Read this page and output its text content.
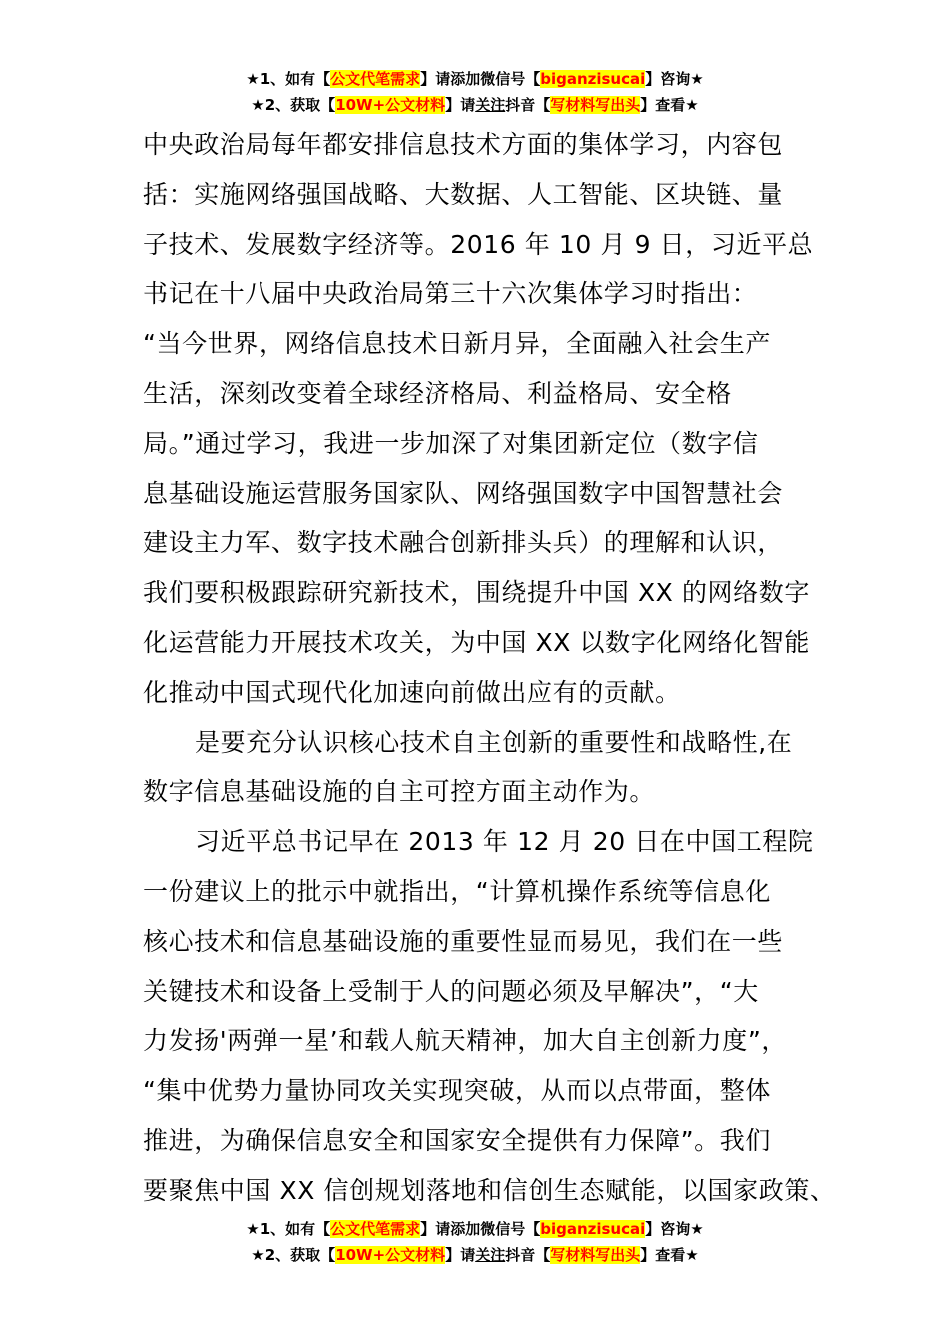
★1、如有【公文代笔需求】请添加微信号【biganzisucai】咨询★
★2、获取【10W+公文材料】请关注抖音【写材料写出头】查看★

中央政治局每年都安排信息技术方面的集体学习，内容包

括：实施网络强国战略、大数据、人工智能、区块链、量

子技术、发展数字经济等。2016 年 10 月 9 日，习近平总

书记在十八届中央政治局第三十六次集体学习时指出：

“当今世界，网络信息技术日新月异，全面融入社会生产

生活，深刻改变着全球经济格局、利益格局、安全格

局。”通过学习，我进一步加深了对集团新定位（数字信

息基础设施运营服务国家队、网络强国数字中国智慧社会

建设主力军、数字技术融合创新排头兵）的理解和认识，

我们要积极跟踪研究新技术，围绕提升中国 XX 的网络数字

化运营能力开展技术攻关，为中国 XX 以数字化网络化智能

化推动中国式现代化加速向前做出应有的贡献。

是要充分认识核心技术自主创新的重要性和战略性,在

数字信息基础设施的自主可控方面主动作为。

习近平总书记早在 2013 年 12 月 20 日在中国工程院

一份建议上的批示中就指出，“计算机操作系统等信息化

核心技术和信息基础设施的重要性显而易见，我们在一些

关键技术和设备上受制于人的问题必须及早解决”，“大

力发扬'两弹一星’和载人航天精神，加大自主创新力度”，

“集中优势力量协同攻关实现突破，从而以点带面，整体

推进，为确保信息安全和国家安全提供有力保障”。我们

要聚焦中国 XX 信创规划落地和信创生态赋能，以国家政策、

★1、如有【公文代笔需求】请添加微信号【biganzisucai】咨询★
★2、获取【10W+公文材料】请关注抖音【写材料写出头】查看★
